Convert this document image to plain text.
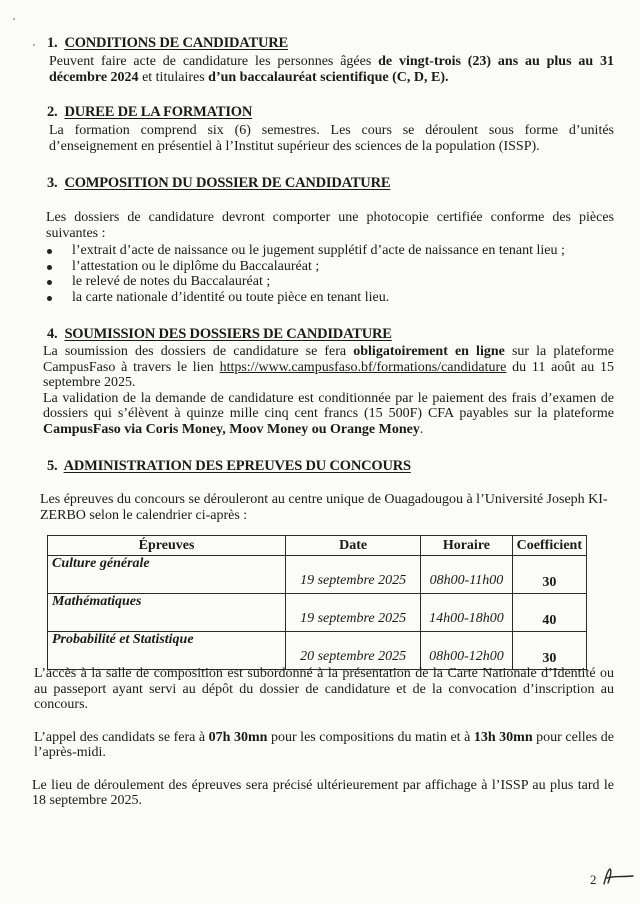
1. CONDITIONS DE CANDIDATURE

Peuvent faire acte de candidature les personnes âgées de vingt-trois (23) ans au plus au 31 décembre 2024 et titulaires d’un baccalauréat scientifique (C, D, E).

2. DUREE DE LA FORMATION

La formation comprend six (6) semestres. Les cours se déroulent sous forme d’unités d’enseignement en présentiel à l’Institut supérieur des sciences de la population (ISSP).

3. COMPOSITION DU DOSSIER DE CANDIDATURE

Les dossiers de candidature devront comporter une photocopie certifiée conforme des pièces suivantes :

l’extrait d’acte de naissance ou le jugement supplétif d’acte de naissance en tenant lieu ;
l’attestation ou le diplôme du Baccalauréat ;
le relevé de notes du Baccalauréat ;
la carte nationale d’identité ou toute pièce en tenant lieu.
4. SOUMISSION DES DOSSIERS DE CANDIDATURE

La soumission des dossiers de candidature se fera obligatoirement en ligne sur la plateforme CampusFaso à travers le lien https://www.campusfaso.bf/formations/candidature du 11 août au 15 septembre 2025.

La validation de la demande de candidature est conditionnée par le paiement des frais d’examen de dossiers qui s’élèvent à quinze mille cinq cent francs (15 500F) CFA payables sur la plateforme CampusFaso via Coris Money, Moov Money ou Orange Money.

5. ADMINISTRATION DES EPREUVES DU CONCOURS

Les épreuves du concours se dérouleront au centre unique de Ouagadougou à l’Université Joseph KI-ZERBO selon le calendrier ci-après :

Épreuves	Date	Horaire	Coefficient
Culture générale	19 septembre 2025	08h00-11h00	30
Mathématiques	19 septembre 2025	14h00-18h00	40
Probabilité et Statistique	20 septembre 2025	08h00-12h00	30

L’accès à la salle de composition est subordonné à la présentation de la Carte Nationale d’Identité ou au passeport ayant servi au dépôt du dossier de candidature et de la convocation d’inscription au concours.

L’appel des candidats se fera à 07h 30mn pour les compositions du matin et à 13h 30mn pour celles de l’après-midi.

Le lieu de déroulement des épreuves sera précisé ultérieurement par affichage à l’ISSP au plus tard le 18 septembre 2025.

2
